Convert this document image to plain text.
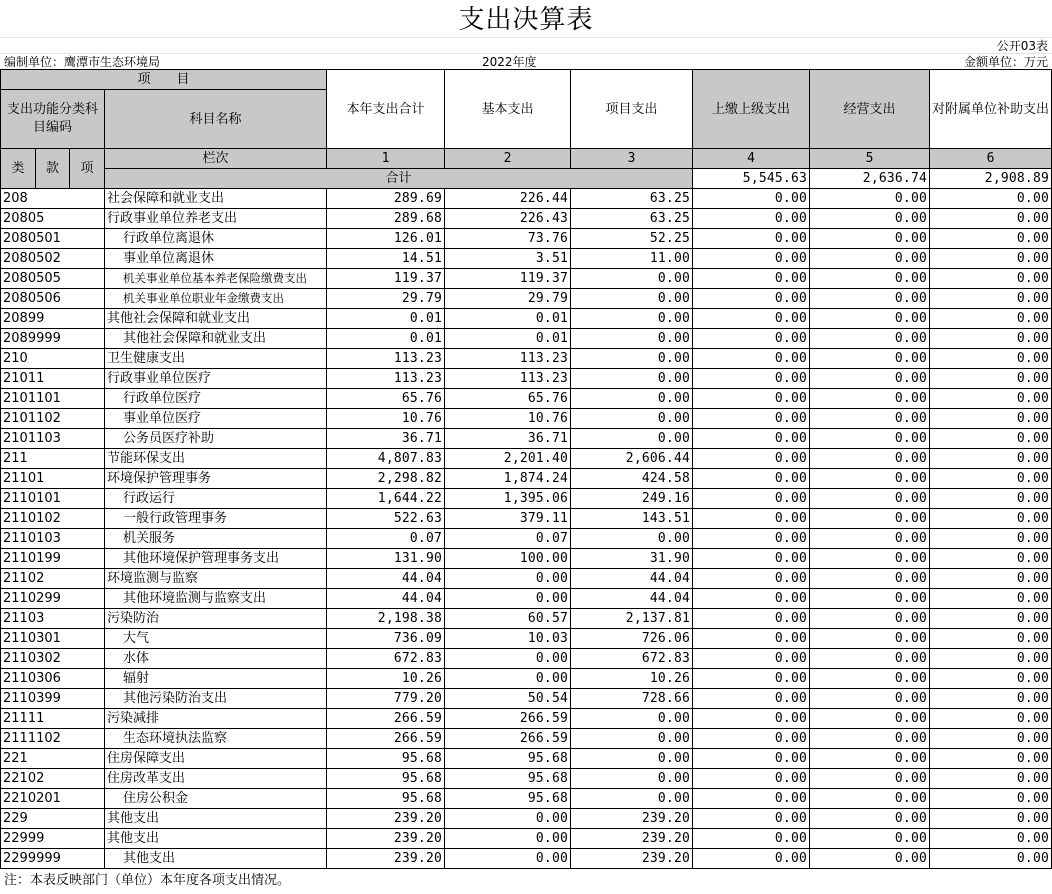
支出决算表
公开03表
编制单位：鹰潭市生态环境局	2022年度	金额单位：万元
项　　目				本年支出合计	基本支出	项目支出	上缴上级支出	经营支出	对附属单位补助支出	
支出功能分类科目编码			科目名称							

类	款	项	栏次	1	2	3	4	5	6	
			合计				5,545.63	2,636.74	2,908.89			
208			社会保障和就业支出	289.69	226.44	63.25	0.00	0.00	0.00	
20805			行政事业单位养老支出	289.68	226.43	63.25	0.00	0.00	0.00	
2080501			行政单位离退休	126.01	73.76	52.25	0.00	0.00	0.00	
2080502			事业单位离退休	14.51	3.51	11.00	0.00	0.00	0.00	
2080505			机关事业单位基本养老保险缴费支出	119.37	119.37	0.00	0.00	0.00	0.00	
2080506			机关事业单位职业年金缴费支出	29.79	29.79	0.00	0.00	0.00	0.00	
20899			其他社会保障和就业支出	0.01	0.01	0.00	0.00	0.00	0.00	
2089999			其他社会保障和就业支出	0.01	0.01	0.00	0.00	0.00	0.00	
210			卫生健康支出	113.23	113.23	0.00	0.00	0.00	0.00	
21011			行政事业单位医疗	113.23	113.23	0.00	0.00	0.00	0.00	
2101101			行政单位医疗	65.76	65.76	0.00	0.00	0.00	0.00	
2101102			事业单位医疗	10.76	10.76	0.00	0.00	0.00	0.00	
2101103			公务员医疗补助	36.71	36.71	0.00	0.00	0.00	0.00	
211			节能环保支出	4,807.83	2,201.40	2,606.44	0.00	0.00	0.00	
21101			环境保护管理事务	2,298.82	1,874.24	424.58	0.00	0.00	0.00	
2110101			行政运行	1,644.22	1,395.06	249.16	0.00	0.00	0.00	
2110102			一般行政管理事务	522.63	379.11	143.51	0.00	0.00	0.00	
2110103			机关服务	0.07	0.07	0.00	0.00	0.00	0.00	
2110199			其他环境保护管理事务支出	131.90	100.00	31.90	0.00	0.00	0.00	
21102			环境监测与监察	44.04	0.00	44.04	0.00	0.00	0.00	
2110299			其他环境监测与监察支出	44.04	0.00	44.04	0.00	0.00	0.00	
21103			污染防治	2,198.38	60.57	2,137.81	0.00	0.00	0.00	
2110301			大气	736.09	10.03	726.06	0.00	0.00	0.00	
2110302			水体	672.83	0.00	672.83	0.00	0.00	0.00	
2110306			辐射	10.26	0.00	10.26	0.00	0.00	0.00	
2110399			其他污染防治支出	779.20	50.54	728.66	0.00	0.00	0.00	
21111			污染减排	266.59	266.59	0.00	0.00	0.00	0.00	
2111102			生态环境执法监察	266.59	266.59	0.00	0.00	0.00	0.00	
221			住房保障支出	95.68	95.68	0.00	0.00	0.00	0.00	
22102			住房改革支出	95.68	95.68	0.00	0.00	0.00	0.00	
2210201			住房公积金	95.68	95.68	0.00	0.00	0.00	0.00	
229			其他支出	239.20	0.00	239.20	0.00	0.00	0.00	
22999			其他支出	239.20	0.00	239.20	0.00	0.00	0.00	
2299999			其他支出	239.20	0.00	239.20	0.00	0.00	0.00	
注：本表反映部门（单位）本年度各项支出情况。
